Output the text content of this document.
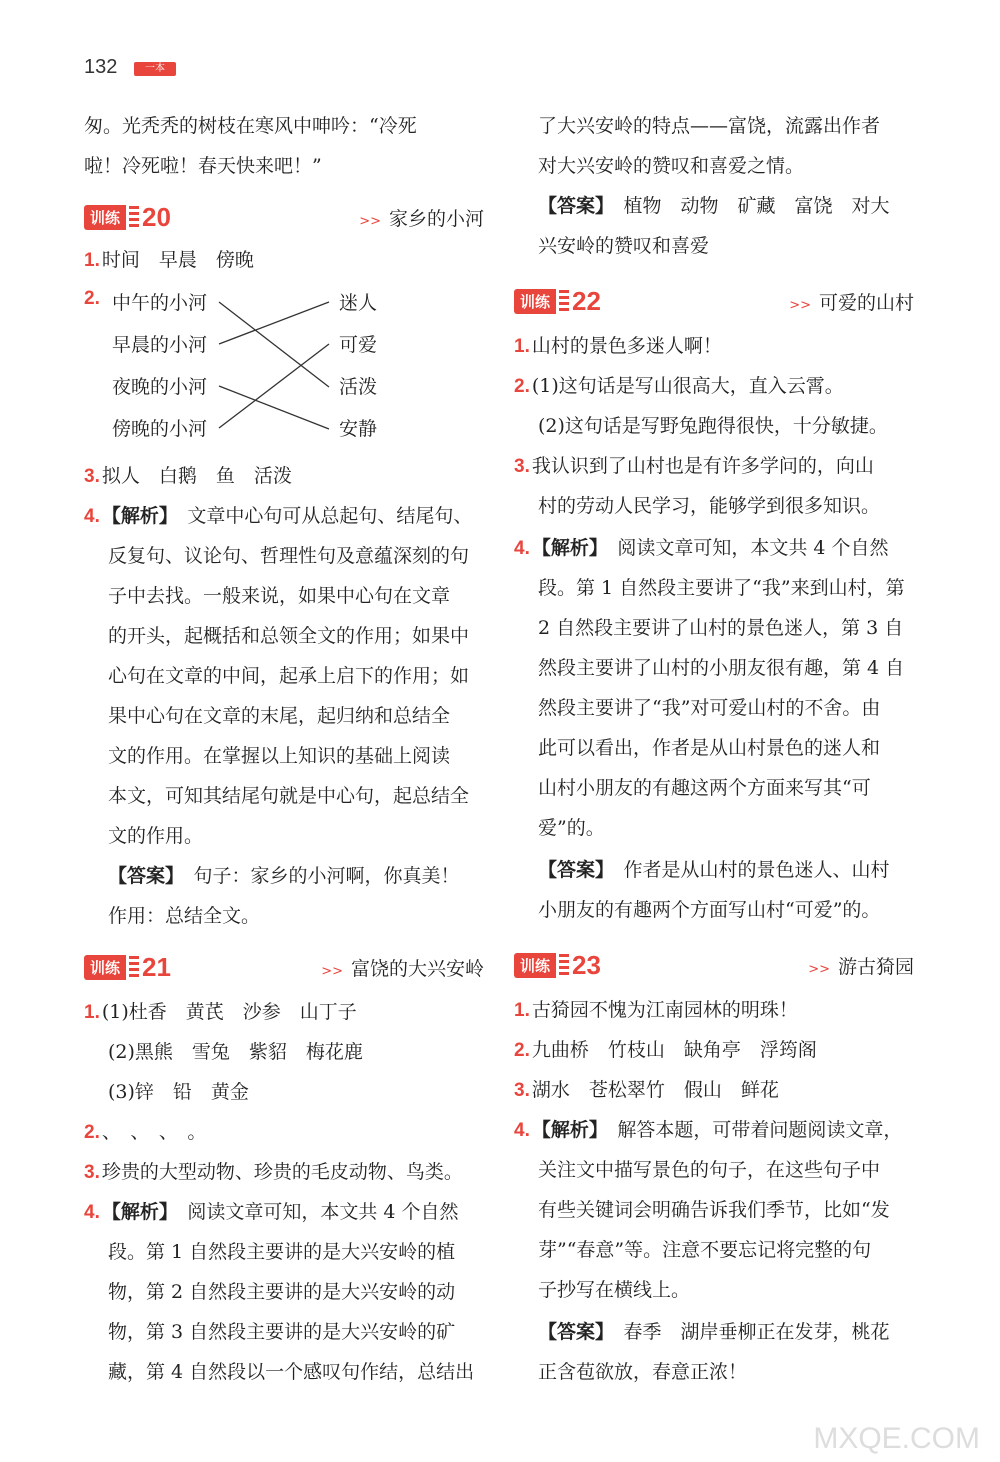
132	一本

匆。光秃秃的树枝在寒风中呻吟：“冷死

啦！冷死啦！春天快来吧！”

训练 20	>> 家乡的小河

1. 时间　早晨　傍晚

2. 中午的小河
早晨的小河
夜晚的小河
傍晚的小河
迷人
可爱
活泼
安静

3. 拟人　白鹅　鱼　活泼

4. 【解析】　 文章中心句可从总起句、结尾句、

反复句、议论句、哲理性句及意蕴深刻的句

子中去找。一般来说，如果中心句在文章

的开头，起概括和总领全文的作用；如果中

心句在文章的中间，起承上启下的作用；如

果中心句在文章的末尾，起归纳和总结全

文的作用。在掌握以上知识的基础上阅读

本文，可知其结尾句就是中心句，起总结全

文的作用。

【答案】　 句子：家乡的小河啊，你真美！

作用：总结全文。

训练 21	>> 富饶的大兴安岭

1. (1)杜香　黄芪　沙参　山丁子

(2)黑熊　雪兔　紫貂　梅花鹿

(3)锌　铅　黄金

2. 、　、　、　。

3. 珍贵的大型动物、珍贵的毛皮动物、鸟类。

4. 【解析】　 阅读文章可知，本文共 4 个自然

段。第 1 自然段主要讲的是大兴安岭的植

物，第 2 自然段主要讲的是大兴安岭的动

物，第 3 自然段主要讲的是大兴安岭的矿

藏，第 4 自然段以一个感叹句作结，总结出

了大兴安岭的特点——富饶，流露出作者

对大兴安岭的赞叹和喜爱之情。

【答案】　 植物　动物　矿藏　富饶　对大

兴安岭的赞叹和喜爱

训练 22	>> 可爱的山村

1. 山村的景色多迷人啊！

2. (1)这句话是写山很高大，直入云霄。

(2)这句话是写野兔跑得很快，十分敏捷。

3. 我认识到了山村也是有许多学问的，向山

村的劳动人民学习，能够学到很多知识。

4. 【解析】　 阅读文章可知，本文共 4 个自然

段。第 1 自然段主要讲了“我”来到山村，第

2 自然段主要讲了山村的景色迷人，第 3 自

然段主要讲了山村的小朋友很有趣，第 4 自

然段主要讲了“我”对可爱山村的不舍。由

此可以看出，作者是从山村景色的迷人和

山村小朋友的有趣这两个方面来写其“可

爱”的。

【答案】　 作者是从山村的景色迷人、山村

小朋友的有趣两个方面写山村“可爱”的。

训练 23	>> 游古猗园

1. 古猗园不愧为江南园林的明珠！

2. 九曲桥　竹枝山　缺角亭　浮筠阁

3. 湖水　苍松翠竹　假山　鲜花

4. 【解析】　 解答本题，可带着问题阅读文章，

关注文中描写景色的句子，在这些句子中

有些关键词会明确告诉我们季节，比如“发

芽”“春意”等。注意不要忘记将完整的句

子抄写在横线上。

【答案】　 春季　湖岸垂柳正在发芽，桃花

正含苞欲放，春意正浓！

MXQE.COM
